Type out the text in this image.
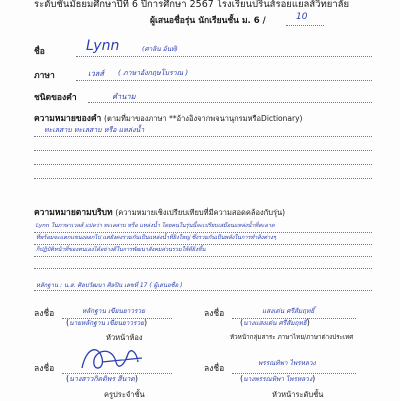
ระดับชั้นมัธยมศึกษาปีที่ 6 ปีการศึกษา 2567 โรงเรียนปรินส์รอยแยลส์วิทยาลัย
ผู้เสนอชื่อรุ่น นักเรียนชั้น ม. 6 /	10
ชื่อ	Lynn	(ศาลิน อ้นท์)
ภาษา	เวลส์ ( ภาษาอังกฤษโบราณ )
ชนิดของคำ	คำนาม
ความหมายของคำ (ตามที่มาของภาษา **อ้างอิงจากพจนานุกรมหรือDictionary)
ทะเลสาบ ทะเลสาบ หรือ แหล่งน้ำ
ความหมายตามบริบท (ความหมายเชิงเปรียบเทียบที่มีความสอดคล้องกับรุ่น)
Lynn ในภาษาเวลส์ แปลว่า ทะเลสาบ หรือ แหล่งน้ำ โดยคนในรุ่นนี้จะเปรียบเสมือนแหล่งน้ำที่สะอาด
ที่พร้อมจะแตกแขนงออกไป แต่ยังคงรวมกันเป็นแหล่งน้ำที่ยิ่งใหญ่ ซึ่งรวมกันเป็นพลังในการทำสิ่งต่างๆ
ก็ปฏิบัติหน้าที่ของตนเองได้อย่างดีในการพัฒนาสังคมส่วนรวมให้ดียิ่งขึ้น
หลักฐาน : น.ส. ศิลปวัฒนา ศิลปิน เลขที่ 17 ( ผู้เสนอชื่อ )
ลงชื่อ	หลักฐาน เขียนยาวรวย
(นายหลักฐาน เขียนยาวรวย)
หัวหน้าห้อง
ลงชื่อ	แสงเด่น ศรีสัมฤทธิ์
(นางแสงเด่น ศรีสัมฤทธิ์)
หัวหน้ากลุ่มสาระ ภาษาไทย/ภาษาต่างประเทศ
ลงชื่อ
(นางสาวกิตติพร สีนาด)
ครูประจำชั้น
ลงชื่อ
พรรณทิพา ไพรหลวง
(นางพรรณทิพา ไพรหลวง)
หัวหน้าระดับชั้น
